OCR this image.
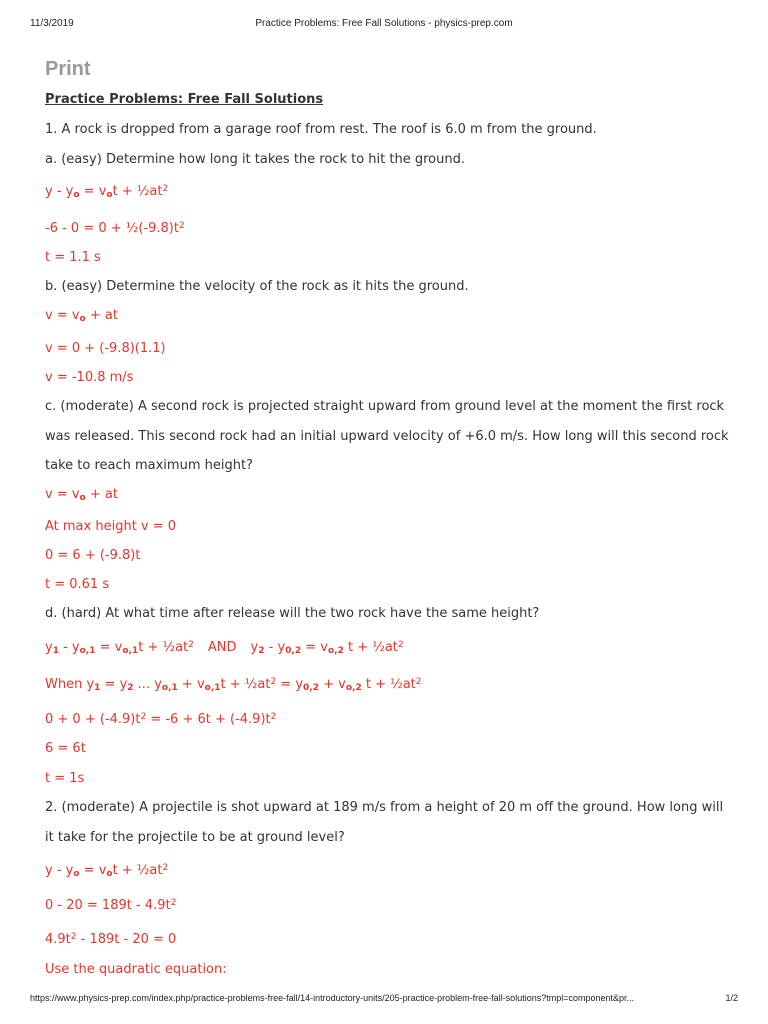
11/3/2019	Practice Problems: Free Fall Solutions - physics-prep.com
Print
Practice Problems: Free Fall Solutions
1. A rock is dropped from a garage roof from rest. The roof is 6.0 m from the ground.
a. (easy) Determine how long it takes the rock to hit the ground.
$y - y_o = v_ot$ + $\frac{1}{2}at^2$
$-6 - 0 = 0 + \frac{1}{2}(-9.8)t^2$
t = 1.1 s
b. (easy) Determine the velocity of the rock as it hits the ground.
$v = v_o$ + at
v = 0 + (-9.8)(1.1)
v = -10.8 m/s
c. (moderate) A second rock is projected straight upward from ground level at the moment the first rock
was released. This second rock had an initial upward velocity of +6.0 m/s. How long will this second rock
take to reach maximum height?
$v = v_o$ + at
At max height v = 0
0 = 6 + (-9.8)t
t = 0.61 s
d. (hard) At what time after release will the two rock have the same height?
$y_1 - y_{o,1} = v_{o,1}t$ + $\frac{1}{2}at^2$ AND $y_2 - y_{0,2} = v_{o,2}$ $t + \frac{1}{2}at^2$
When $y_1 = y_2$ ... $y_{o,1} + v_{o,1}t$ + $\frac{1}{2}at^2 = y_{0,2} + v_{o,2}$ $t + \frac{1}{2}at^2$
$0 + 0 + (-4.9)t^2 = -6 + 6t + (-4.9)t^2$
6 = 6t
t = 1s
2. (moderate) A projectile is shot upward at 189 m/s from a height of 20 m off the ground. How long will
it take for the projectile to be at ground level?
$y - y_o = v_ot$ + $\frac{1}{2}at^2$
$0 - 20 = 189t - 4.9t^2$
$4.9t^2 - 189t - 20 = 0$
Use the quadratic equation:
https://www.physics-prep.com/index.php/practice-problems-free-fall/14-introductory-units/205-practice-problem-free-fall-solutions?tmpl=component&pr...	1/2
